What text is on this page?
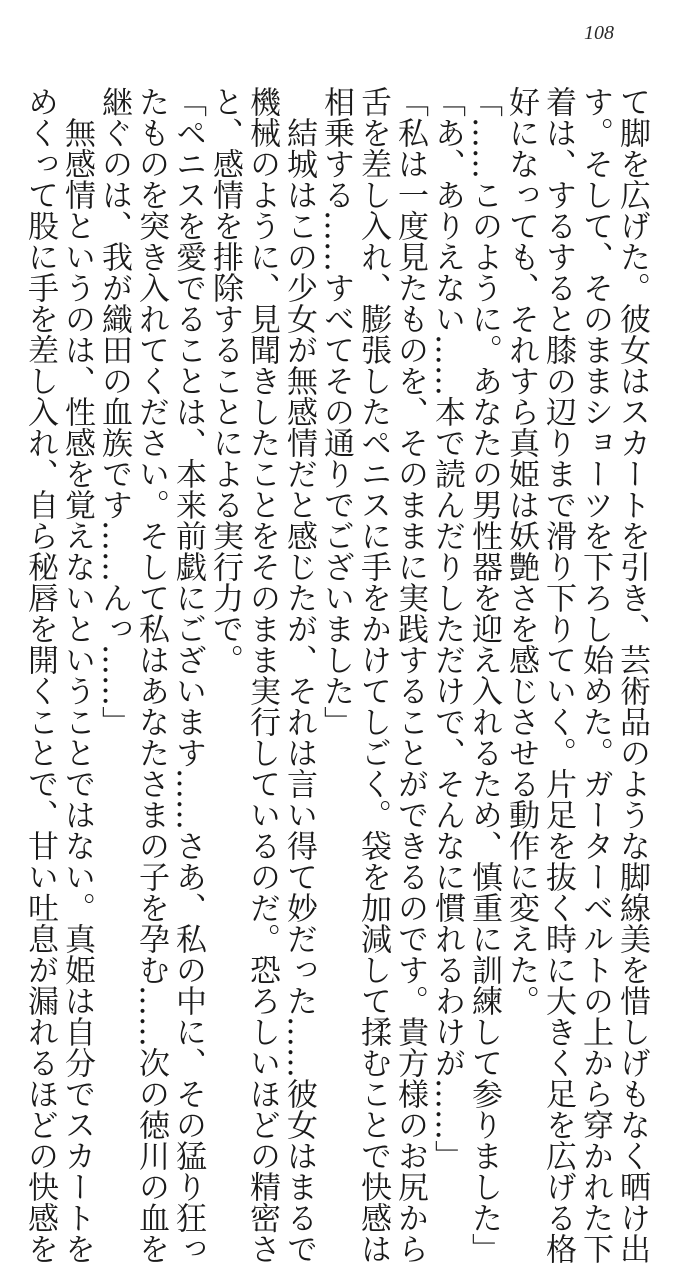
108

て脚を広げた。彼女はスカートを引き、芸術品のような脚線美を惜しげもなく晒け出

す。そして、そのままショーツを下ろし始めた。ガーターベルトの上から穿かれた下

着は、するすると膝の辺りまで滑り下りていく。片足を抜く時に大きく足を広げる格

好になっても、それすら真姫は妖艶さを感じさせる動作に変えた。

「……このように。あなたの男性器を迎え入れるため、慎重に訓練して参りました」

「あ、ありえない……本で読んだりしただけで、そんなに慣れるわけが……」

「私は一度見たものを、そのままに実践することができるのです。貴方様のお尻から

舌を差し入れ、膨張したペニスに手をかけてしごく。袋を加減して揉むことで快感は

相乗する……すべてその通りでございました」

　結城はこの少女が無感情だと感じたが、それは言い得て妙だった……彼女はまるで

機械のように、見聞きしたことをそのまま実行しているのだ。恐ろしいほどの精密さ

と、感情を排除することによる実行力で。

「ペニスを愛でることは、本来前戯にございます……さあ、私の中に、その猛り狂っ

たものを突き入れてください。そして私はあなたさまの子を孕む……次の徳川の血を

継ぐのは、我が織田の血族です……んっ……」

　無感情というのは、性感を覚えないということではない。真姫は自分でスカートを

めくって股に手を差し入れ、自ら秘唇を開くことで、甘い吐息が漏れるほどの快感を
